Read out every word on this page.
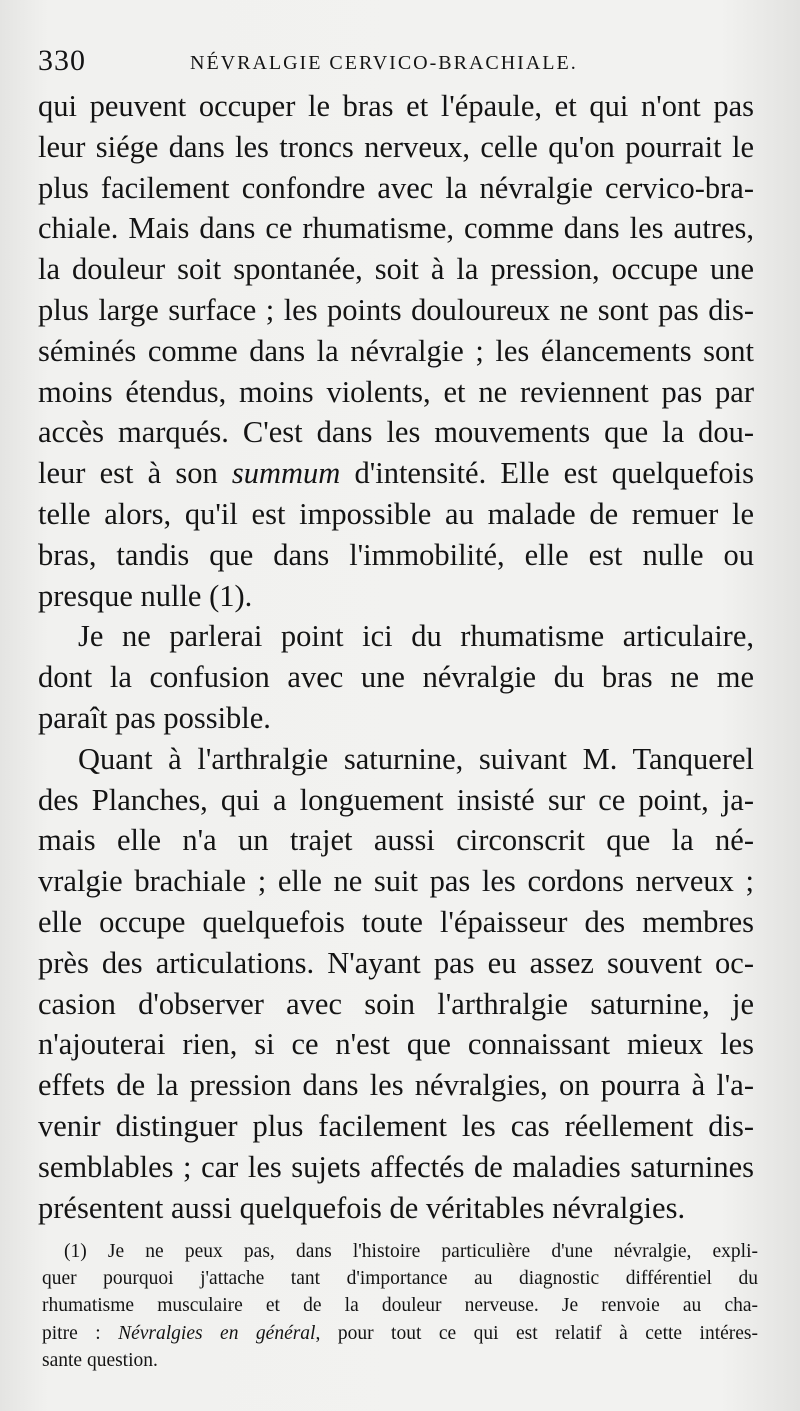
330	NÉVRALGIE CERVICO-BRACHIALE.
qui peuvent occuper le bras et l'épaule, et qui n'ont pas
leur siége dans les troncs nerveux, celle qu'on pourrait le
plus facilement confondre avec la névralgie cervico-bra-
chiale. Mais dans ce rhumatisme, comme dans les autres,
la douleur soit spontanée, soit à la pression, occupe une
plus large surface ; les points douloureux ne sont pas dis-
séminés comme dans la névralgie ; les élancements sont
moins étendus, moins violents, et ne reviennent pas par
accès marqués. C'est dans les mouvements que la dou-
leur est à son summum d'intensité. Elle est quelquefois
telle alors, qu'il est impossible au malade de remuer le
bras, tandis que dans l'immobilité, elle est nulle ou
presque nulle (1).
Je ne parlerai point ici du rhumatisme articulaire,
dont la confusion avec une névralgie du bras ne me
paraît pas possible.
Quant à l'arthralgie saturnine, suivant M. Tanquerel
des Planches, qui a longuement insisté sur ce point, ja-
mais elle n'a un trajet aussi circonscrit que la né-
vralgie brachiale ; elle ne suit pas les cordons nerveux ;
elle occupe quelquefois toute l'épaisseur des membres
près des articulations. N'ayant pas eu assez souvent oc-
casion d'observer avec soin l'arthralgie saturnine, je
n'ajouterai rien, si ce n'est que connaissant mieux les
effets de la pression dans les névralgies, on pourra à l'a-
venir distinguer plus facilement les cas réellement dis-
semblables ; car les sujets affectés de maladies saturnines
présentent aussi quelquefois de véritables névralgies.
(1) Je ne peux pas, dans l'histoire particulière d'une névralgie, expli-
quer pourquoi j'attache tant d'importance au diagnostic différentiel du
rhumatisme musculaire et de la douleur nerveuse. Je renvoie au cha-
pitre : Névralgies en général, pour tout ce qui est relatif à cette intéres-
sante question.
